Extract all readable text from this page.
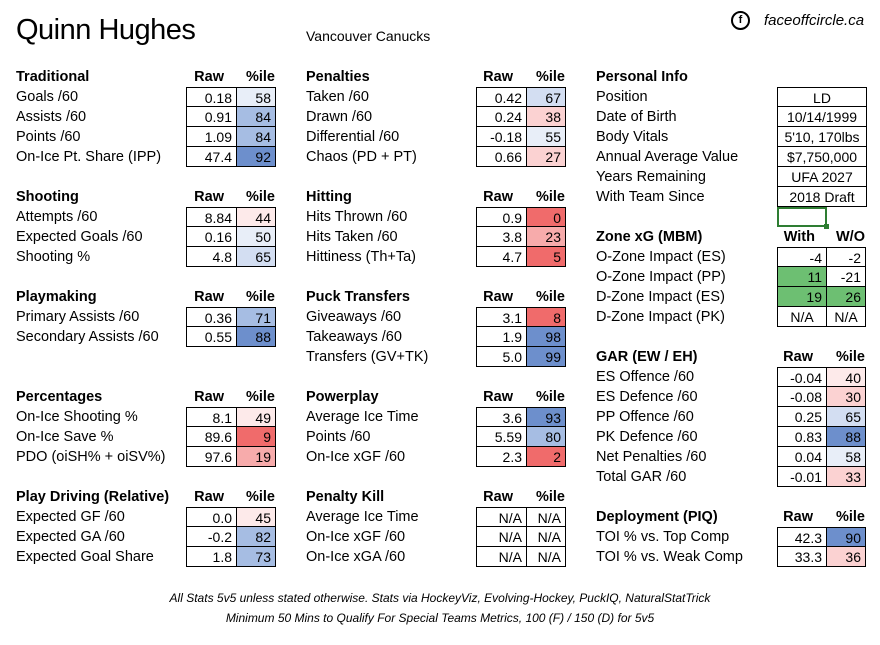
Quinn Hughes	Vancouver Canucks
f	faceoffcircle.ca
Traditional	Raw	%ile
Goals /60	0.18	58
Assists /60	0.91	84
Points /60	1.09	84
On-Ice Pt. Share (IPP)	47.4	92
Shooting	Raw	%ile
Attempts /60	8.84	44
Expected Goals /60	0.16	50
Shooting %	4.8	65
Playmaking	Raw	%ile
Primary Assists /60	0.36	71
Secondary Assists /60	0.55	88
Percentages	Raw	%ile
On-Ice Shooting %	8.1	49
On-Ice Save %	89.6	9
PDO (oiSH% + oiSV%)	97.6	19
Play Driving (Relative)	Raw	%ile
Expected GF /60	0.0	45
Expected GA /60	-0.2	82
Expected Goal Share	1.8	73
Penalties	Raw	%ile
Taken /60	0.42	67
Drawn /60	0.24	38
Differential /60	-0.18	55
Chaos (PD + PT)	0.66	27
Hitting	Raw	%ile
Hits Thrown /60	0.9	0
Hits Taken /60	3.8	23
Hittiness (Th+Ta)	4.7	5
Puck Transfers	Raw	%ile
Giveaways /60	3.1	8
Takeaways /60	1.9	98
Transfers (GV+TK)	5.0	99
Powerplay	Raw	%ile
Average Ice Time	3.6	93
Points /60	5.59	80
On-Ice xGF /60	2.3	2
Penalty Kill	Raw	%ile
Average Ice Time	N/A	N/A
On-Ice xGF /60	N/A	N/A
On-Ice xGA /60	N/A	N/A
Zone xG (MBM)	With	W/O
O-Zone Impact (ES)	-4	-2
O-Zone Impact (PP)	11	-21
D-Zone Impact (ES)	19	26
D-Zone Impact (PK)	N/A	N/A
GAR (EW / EH)	Raw	%ile
ES Offence /60	-0.04	40
ES Defence /60	-0.08	30
PP Offence /60	0.25	65
PK Defence /60	0.83	88
Net Penalties /60	0.04	58
Total GAR /60	-0.01	33
Deployment (PIQ)	Raw	%ile
TOI % vs. Top Comp	42.3	90
TOI % vs. Weak Comp	33.3	36
Personal Info
Position	LD
Date of Birth	10/14/1999
Body Vitals	5'10, 170lbs
Annual Average Value	$7,750,000
Years Remaining	UFA 2027
With Team Since	2018 Draft
All Stats 5v5 unless stated otherwise. Stats via HockeyViz, Evolving-Hockey, PuckIQ, NaturalStatTrick
Minimum 50 Mins to Qualify For Special Teams Metrics, 100 (F) / 150 (D) for 5v5
